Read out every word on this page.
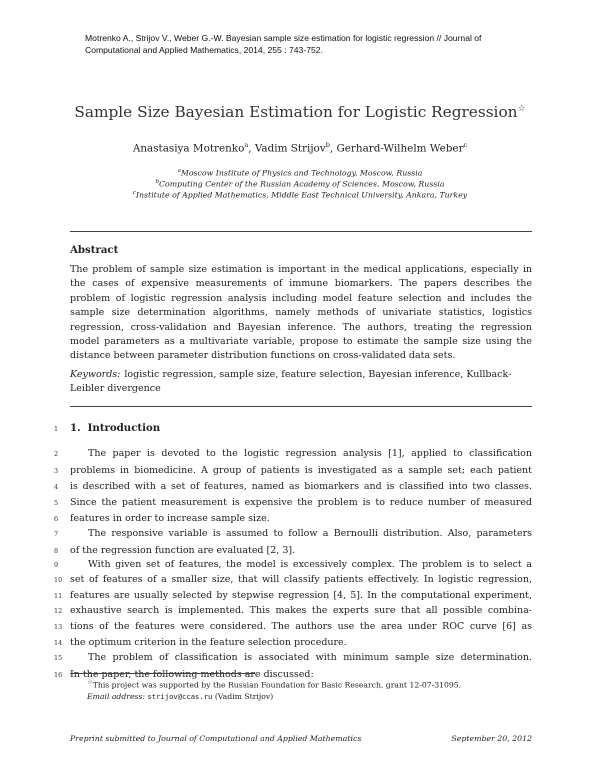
Motrenko A., Strijov V., Weber G.-W. Bayesian sample size estimation for logistic regression // Journal of Computational and Applied Mathematics, 2014, 255 : 743-752.
Sample Size Bayesian Estimation for Logistic Regression☆
Anastasiya Motrenko$^a$, Vadim Strijov$^b$, Gerhard-Wilhelm Weber$^c$
$^a$Moscow Institute of Physics and Technology, Moscow, Russia
$^b$Computing Center of the Russian Academy of Sciences, Moscow, Russia
$^c$Institute of Applied Mathematics, Middle East Technical University, Ankara, Turkey
Abstract
The problem of sample size estimation is important in the medical applications, especially in the cases of expensive measurements of immune biomarkers. The papers describes the problem of logistic regression analysis including model feature selection and includes the sample size determination algorithms, namely methods of univariate statistics, logistics regression, cross-validation and Bayesian inference. The authors, treating the regression model parameters as a multivariate variable, propose to estimate the sample size using the distance between parameter distribution functions on cross-validated data sets.
Keywords: logistic regression, sample size, feature selection, Bayesian inference, Kullback-Leibler divergence
1 1. Introduction
2	The paper is devoted to the logistic regression analysis [1], applied to classification
3 problems in biomedicine. A group of patients is investigated as a sample set; each patient
4 is described with a set of features, named as biomarkers and is classified into two classes.
5 Since the patient measurement is expensive the problem is to reduce number of measured
6 features in order to increase sample size.
7	The responsive variable is assumed to follow a Bernoulli distribution. Also, parameters
8 of the regression function are evaluated [2, 3].
9	With given set of features, the model is excessively complex. The problem is to select a
10 set of features of a smaller size, that will classify patients effectively. In logistic regression,
11 features are usually selected by stepwise regression [4, 5]. In the computational experiment,
12 exhaustive search is implemented. This makes the experts sure that all possible combina-
13 tions of the features were considered. The authors use the area under ROC curve [6] as
14 the optimum criterion in the feature selection procedure.
15	The problem of classification is associated with minimum sample size determination.
16 In the paper, the following methods are discussed:
☆This project was supported by the Russian Foundation for Basic Research, grant 12-07-31095.
Email address: strijov@ccas.ru (Vadim Strijov)
Preprint submitted to Journal of Computational and Applied Mathematics	September 20, 2012
